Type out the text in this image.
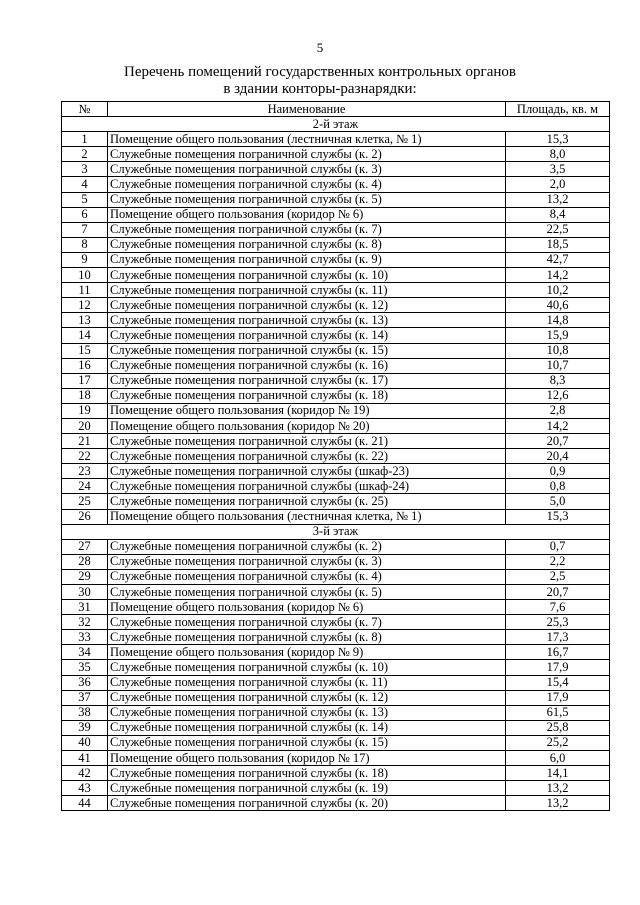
5
Перечень помещений государственных контрольных органов
в здании конторы-разнарядки:
№	Наименование	Площадь, кв. м
2-й этаж		
1	Помещение общего пользования (лестничная клетка, № 1)	15,3
2	Служебные помещения пограничной службы (к. 2)	8,0
3	Служебные помещения пограничной службы (к. 3)	3,5
4	Служебные помещения пограничной службы (к. 4)	2,0
5	Служебные помещения пограничной службы (к. 5)	13,2
6	Помещение общего пользования (коридор № 6)	8,4
7	Служебные помещения пограничной службы (к. 7)	22,5
8	Служебные помещения пограничной службы (к. 8)	18,5
9	Служебные помещения пограничной службы (к. 9)	42,7
10	Служебные помещения пограничной службы (к. 10)	14,2
11	Служебные помещения пограничной службы (к. 11)	10,2
12	Служебные помещения пограничной службы (к. 12)	40,6
13	Служебные помещения пограничной службы (к. 13)	14,8
14	Служебные помещения пограничной службы (к. 14)	15,9
15	Служебные помещения пограничной службы (к. 15)	10,8
16	Служебные помещения пограничной службы (к. 16)	10,7
17	Служебные помещения пограничной службы (к. 17)	8,3
18	Служебные помещения пограничной службы (к. 18)	12,6
19	Помещение общего пользования (коридор № 19)	2,8
20	Помещение общего пользования (коридор № 20)	14,2
21	Служебные помещения пограничной службы (к. 21)	20,7
22	Служебные помещения пограничной службы (к. 22)	20,4
23	Служебные помещения пограничной службы (шкаф-23)	0,9
24	Служебные помещения пограничной службы (шкаф-24)	0,8
25	Служебные помещения пограничной службы (к. 25)	5,0
26	Помещение общего пользования (лестничная клетка, № 1)	15,3
3-й этаж		
27	Служебные помещения пограничной службы (к. 2)	0,7
28	Служебные помещения пограничной службы (к. 3)	2,2
29	Служебные помещения пограничной службы (к. 4)	2,5
30	Служебные помещения пограничной службы (к. 5)	20,7
31	Помещение общего пользования (коридор № 6)	7,6
32	Служебные помещения пограничной службы (к. 7)	25,3
33	Служебные помещения пограничной службы (к. 8)	17,3
34	Помещение общего пользования (коридор № 9)	16,7
35	Служебные помещения пограничной службы (к. 10)	17,9
36	Служебные помещения пограничной службы (к. 11)	15,4
37	Служебные помещения пограничной службы (к. 12)	17,9
38	Служебные помещения пограничной службы (к. 13)	61,5
39	Служебные помещения пограничной службы (к. 14)	25,8
40	Служебные помещения пограничной службы (к. 15)	25,2
41	Помещение общего пользования (коридор № 17)	6,0
42	Служебные помещения пограничной службы (к. 18)	14,1
43	Служебные помещения пограничной службы (к. 19)	13,2
44	Служебные помещения пограничной службы (к. 20)	13,2
